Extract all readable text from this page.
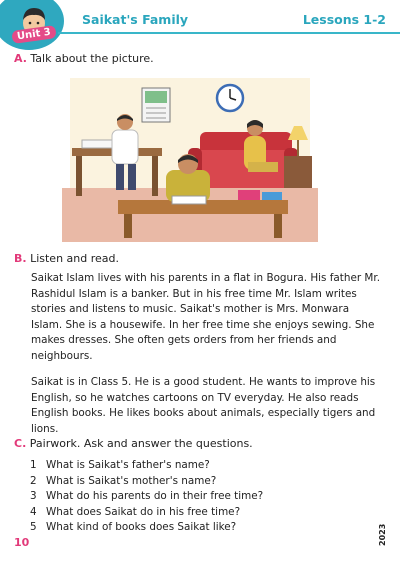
Unit 3
Saikat's Family	Lessons 1-2
A. Talk about the picture.
B. Listen and read.

Saikat Islam lives with his parents in a flat in Bogura. His father Mr. Rashidul Islam is a banker. But in his free time Mr. Islam writes stories and listens to music. Saikat's mother is Mrs. Monwara Islam. She is a housewife. In her free time she enjoys sewing. She makes dresses. She often gets orders from her friends and neighbours.

Saikat is in Class 5. He is a good student. He wants to improve his English, so he watches cartoons on TV everyday. He also reads English books. He likes books about animals, especially tigers and lions.

C. Pairwork. Ask and answer the questions.
1 What is Saikat's father's name?
2 What is Saikat's mother's name?
3 What do his parents do in their free time?
4 What does Saikat do in his free time?
5 What kind of books does Saikat like?
10	2023
